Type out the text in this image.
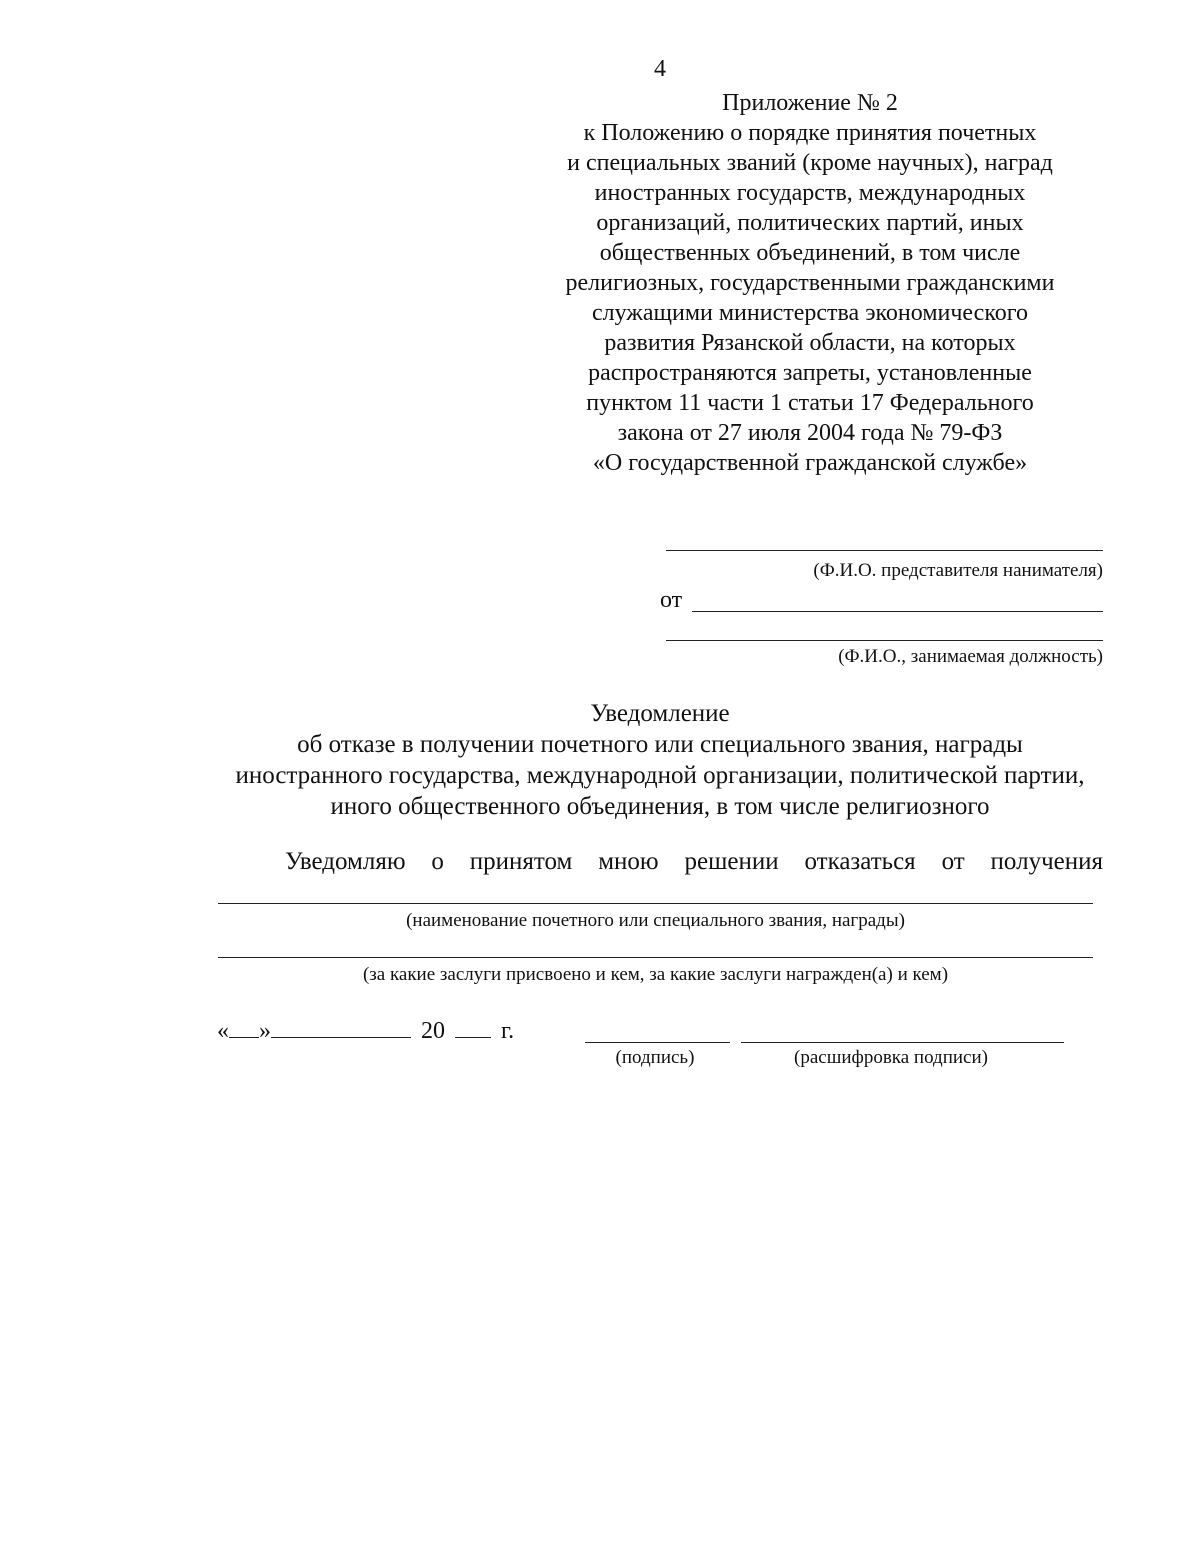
4
Приложение № 2
к Положению о порядке принятия почетных
и специальных званий (кроме научных), наград
иностранных государств, международных
организаций, политических партий, иных
общественных объединений, в том числе
религиозных, государственными гражданскими
служащими министерства экономического
развития Рязанской области, на которых
распространяются запреты, установленные
пунктом 11 части 1 статьи 17 Федерального
закона от 27 июля 2004 года № 79-ФЗ
«О государственной гражданской службе»
(Ф.И.О. представителя нанимателя)
от
(Ф.И.О., занимаемая должность)
Уведомление
об отказе в получении почетного или специального звания, награды
иностранного государства, международной организации, политической партии,
иного общественного объединения, в том числе религиозного
Уведомляю о принятом мною решении отказаться от получения
(наименование почетного или специального звания, награды)
(за какие заслуги присвоено и кем, за какие заслуги награжден(а) и кем)
« »	20 г.
(подпись)	(расшифровка подписи)
